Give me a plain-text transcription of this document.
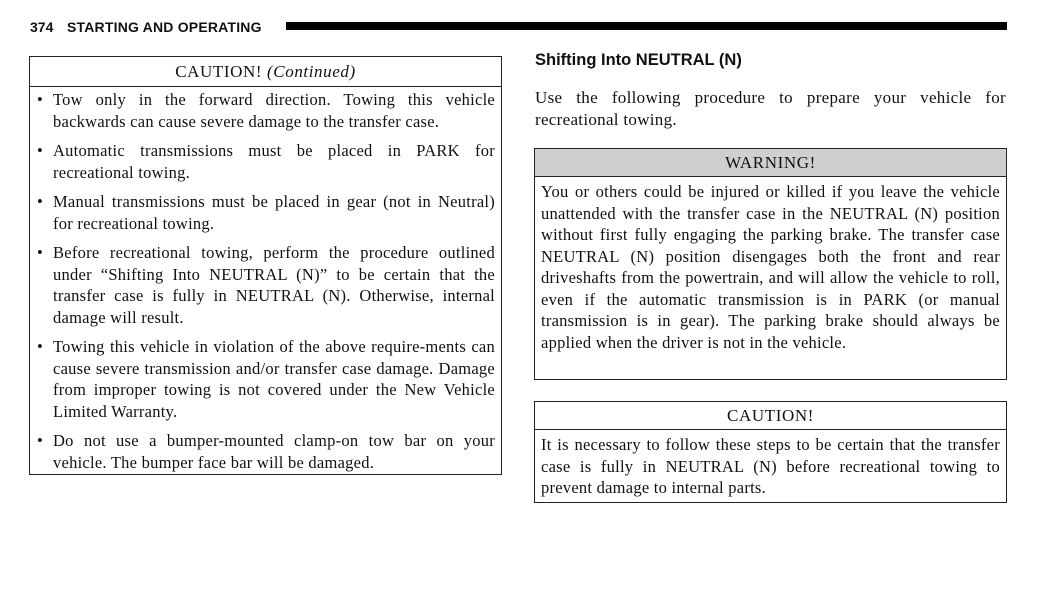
374 STARTING AND OPERATING
CAUTION! (Continued)
• Tow only in the forward direction. Towing this vehicle backwards can cause severe damage to the transfer case.
• Automatic transmissions must be placed in PARK for recreational towing.
• Manual transmissions must be placed in gear (not in Neutral) for recreational towing.
• Before recreational towing, perform the procedure outlined under “Shifting Into NEUTRAL (N)” to be certain that the transfer case is fully in NEUTRAL (N). Otherwise, internal damage will result.
• Towing this vehicle in violation of the above require-ments can cause severe transmission and/or transfer case damage. Damage from improper towing is not covered under the New Vehicle Limited Warranty.
• Do not use a bumper-mounted clamp-on tow bar on your vehicle. The bumper face bar will be damaged.
Shifting Into NEUTRAL (N)
Use the following procedure to prepare your vehicle for recreational towing.
WARNING!
You or others could be injured or killed if you leave the vehicle unattended with the transfer case in the NEUTRAL (N) position without first fully engaging the parking brake. The transfer case NEUTRAL (N) position disengages both the front and rear driveshafts from the powertrain, and will allow the vehicle to roll, even if the automatic transmission is in PARK (or manual transmission is in gear). The parking brake should always be applied when the driver is not in the vehicle.
CAUTION!
It is necessary to follow these steps to be certain that the transfer case is fully in NEUTRAL (N) before recreational towing to prevent damage to internal parts.
